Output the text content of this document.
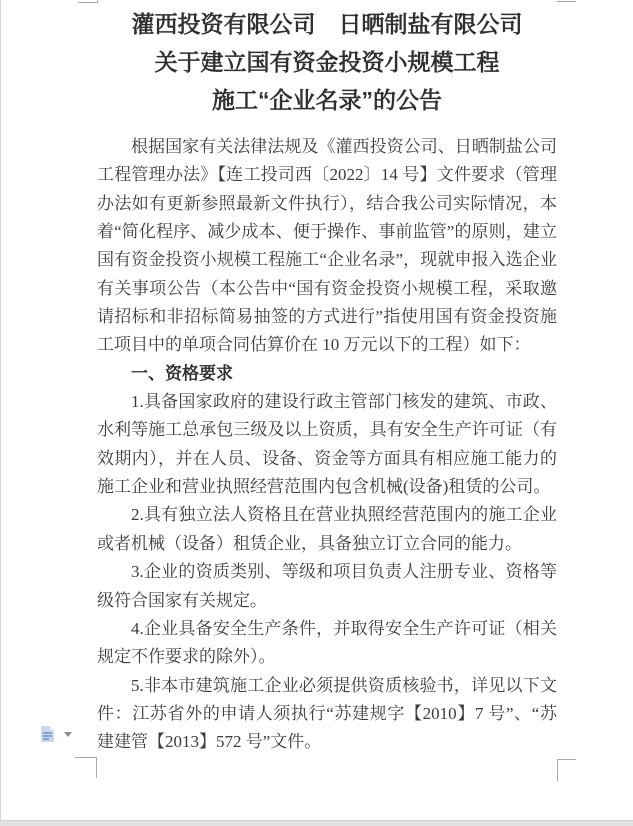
灌西投资有限公司　日晒制盐有限公司
关于建立国有资金投资小规模工程
施工“企业名录”的公告

根据国家有关法律法规及《灌西投资公司、日晒制盐公司工程管理办法》【连工投司西〔2022〕14 号】文件要求（管理办法如有更新参照最新文件执行），结合我公司实际情况，本着“简化程序、减少成本、便于操作、事前监管”的原则，建立国有资金投资小规模工程施工“企业名录”，现就申报入选企业有关事项公告（本公告中“国有资金投资小规模工程，采取邀请招标和非招标简易抽签的方式进行”指使用国有资金投资施工项目中的单项合同估算价在 10 万元以下的工程）如下：

一、资格要求

1.具备国家政府的建设行政主管部门核发的建筑、市政、水利等施工总承包三级及以上资质，具有安全生产许可证（有效期内），并在人员、设备、资金等方面具有相应施工能力的施工企业和营业执照经营范围内包含机械(设备)租赁的公司。

2.具有独立法人资格且在营业执照经营范围内的施工企业或者机械（设备）租赁企业，具备独立订立合同的能力。

3.企业的资质类别、等级和项目负责人注册专业、资格等级符合国家有关规定。

4.企业具备安全生产条件，并取得安全生产许可证（相关规定不作要求的除外）。

5.非本市建筑施工企业必须提供资质核验书，详见以下文件：江苏省外的申请人须执行“苏建规字【2010】7 号”、“苏建建管【2013】572 号”文件。
